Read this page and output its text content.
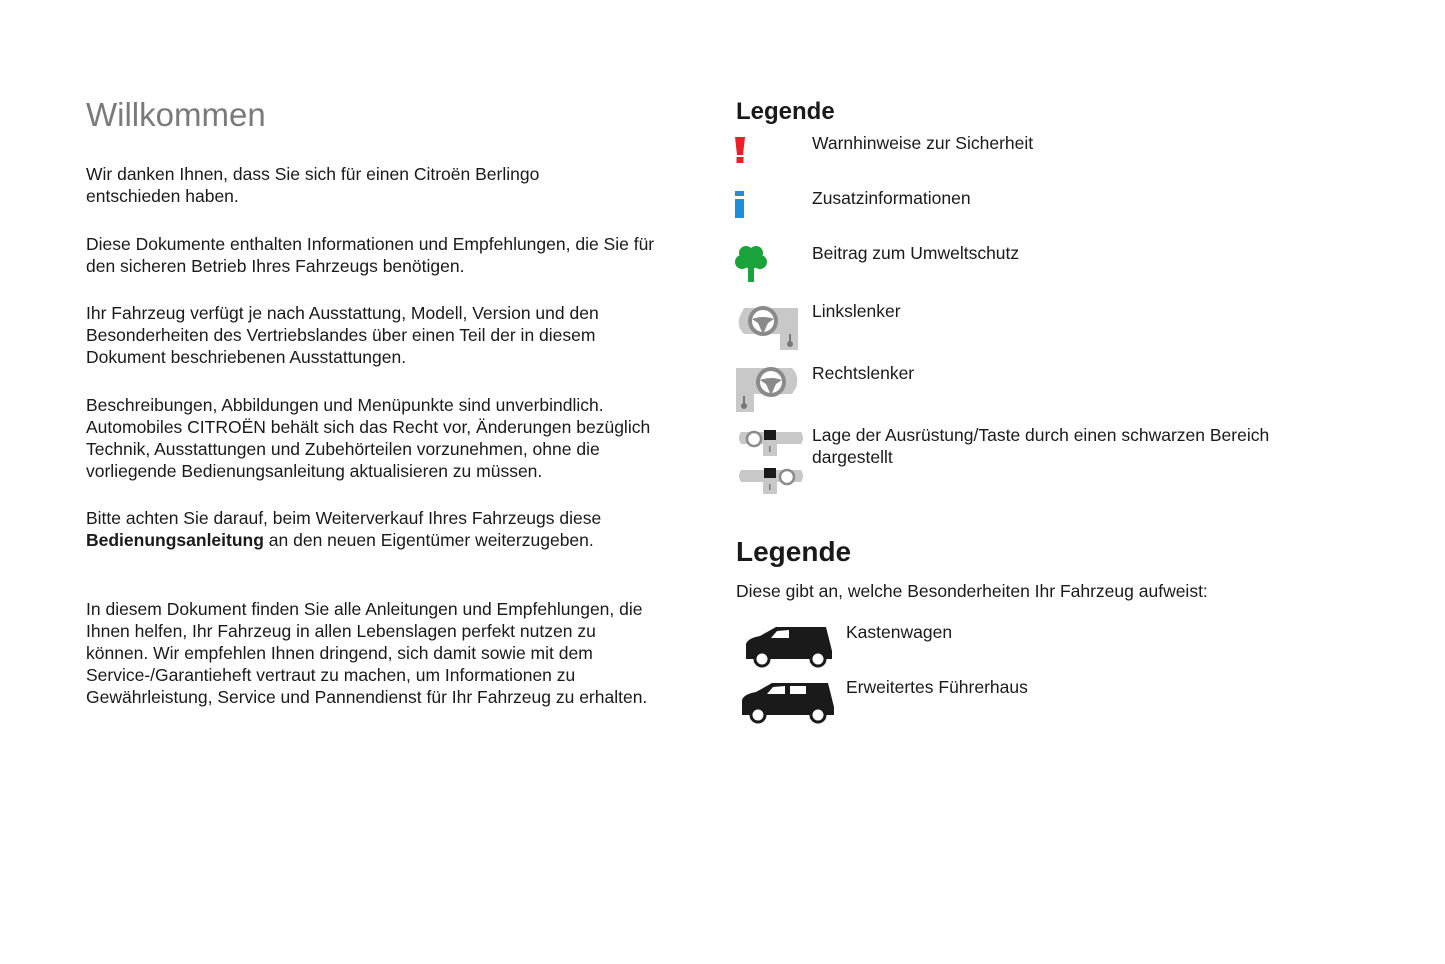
Willkommen

Wir danken Ihnen, dass Sie sich für einen Citroën Berlingo entschieden haben.

Diese Dokumente enthalten Informationen und Empfehlungen, die Sie für den sicheren Betrieb Ihres Fahrzeugs benötigen.

Ihr Fahrzeug verfügt je nach Ausstattung, Modell, Version und den Besonderheiten des Vertriebslandes über einen Teil der in diesem Dokument beschriebenen Ausstattungen.

Beschreibungen, Abbildungen und Menüpunkte sind unverbindlich. Automobiles CITROËN behält sich das Recht vor, Änderungen bezüglich Technik, Ausstattungen und Zubehörteilen vorzunehmen, ohne die vorliegende Bedienungsanleitung aktualisieren zu müssen.

Bitte achten Sie darauf, beim Weiterverkauf Ihres Fahrzeugs diese Bedienungsanleitung an den neuen Eigentümer weiterzugeben.

In diesem Dokument finden Sie alle Anleitungen und Empfehlungen, die Ihnen helfen, Ihr Fahrzeug in allen Lebenslagen perfekt nutzen zu können. Wir empfehlen Ihnen dringend, sich damit sowie mit dem Service-/Garantieheft vertraut zu machen, um Informationen zu Gewährleistung, Service und Pannendienst für Ihr Fahrzeug zu erhalten.

Legende
Warnhinweise zur Sicherheit
Zusatzinformationen
Beitrag zum Umweltschutz
Linkslenker
Rechtslenker
Lage der Ausrüstung/Taste durch einen schwarzen Bereich dargestellt
Legende
Diese gibt an, welche Besonderheiten Ihr Fahrzeug aufweist:
Kastenwagen
Erweitertes Führerhaus
